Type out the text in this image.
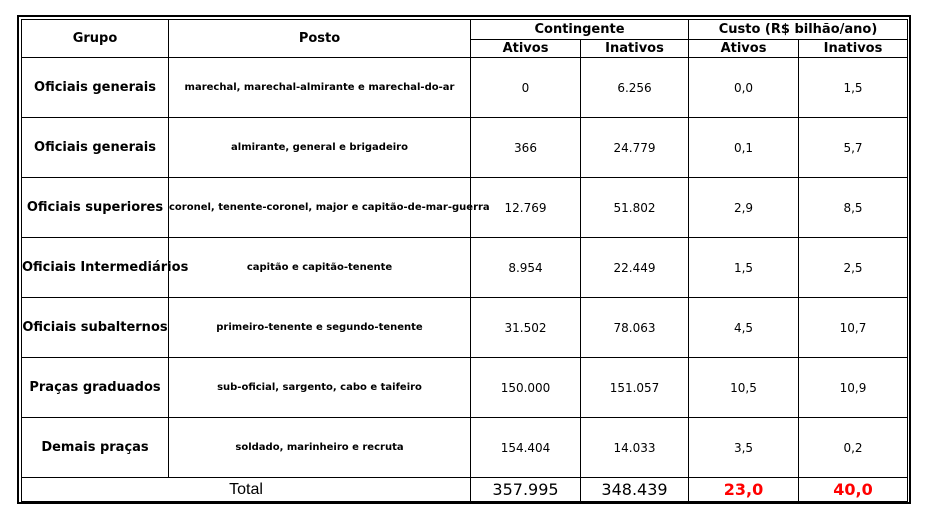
Grupo	Posto	Contingente		Custo (R$ bilhão/ano)	
		Ativos	Inativos	Ativos	Inativos
Oficiais generais	marechal, marechal-almirante e marechal-do-ar	0	6.256	0,0	1,5
Oficiais generais	almirante, general e brigadeiro	366	24.779	0,1	5,7
Oficiais superiores	coronel, tenente-coronel, major e capitão-de-mar-guerra	12.769	51.802	2,9	8,5
Oficiais Intermediários	capitão e capitão-tenente	8.954	22.449	1,5	2,5
Oficiais subalternos	primeiro-tenente e segundo-tenente	31.502	78.063	4,5	10,7
Praças graduados	sub-oficial, sargento, cabo e taifeiro	150.000	151.057	10,5	10,9
Demais praças	soldado, marinheiro e recruta	154.404	14.033	3,5	0,2
Total		357.995	348.439	23,0	40,0
